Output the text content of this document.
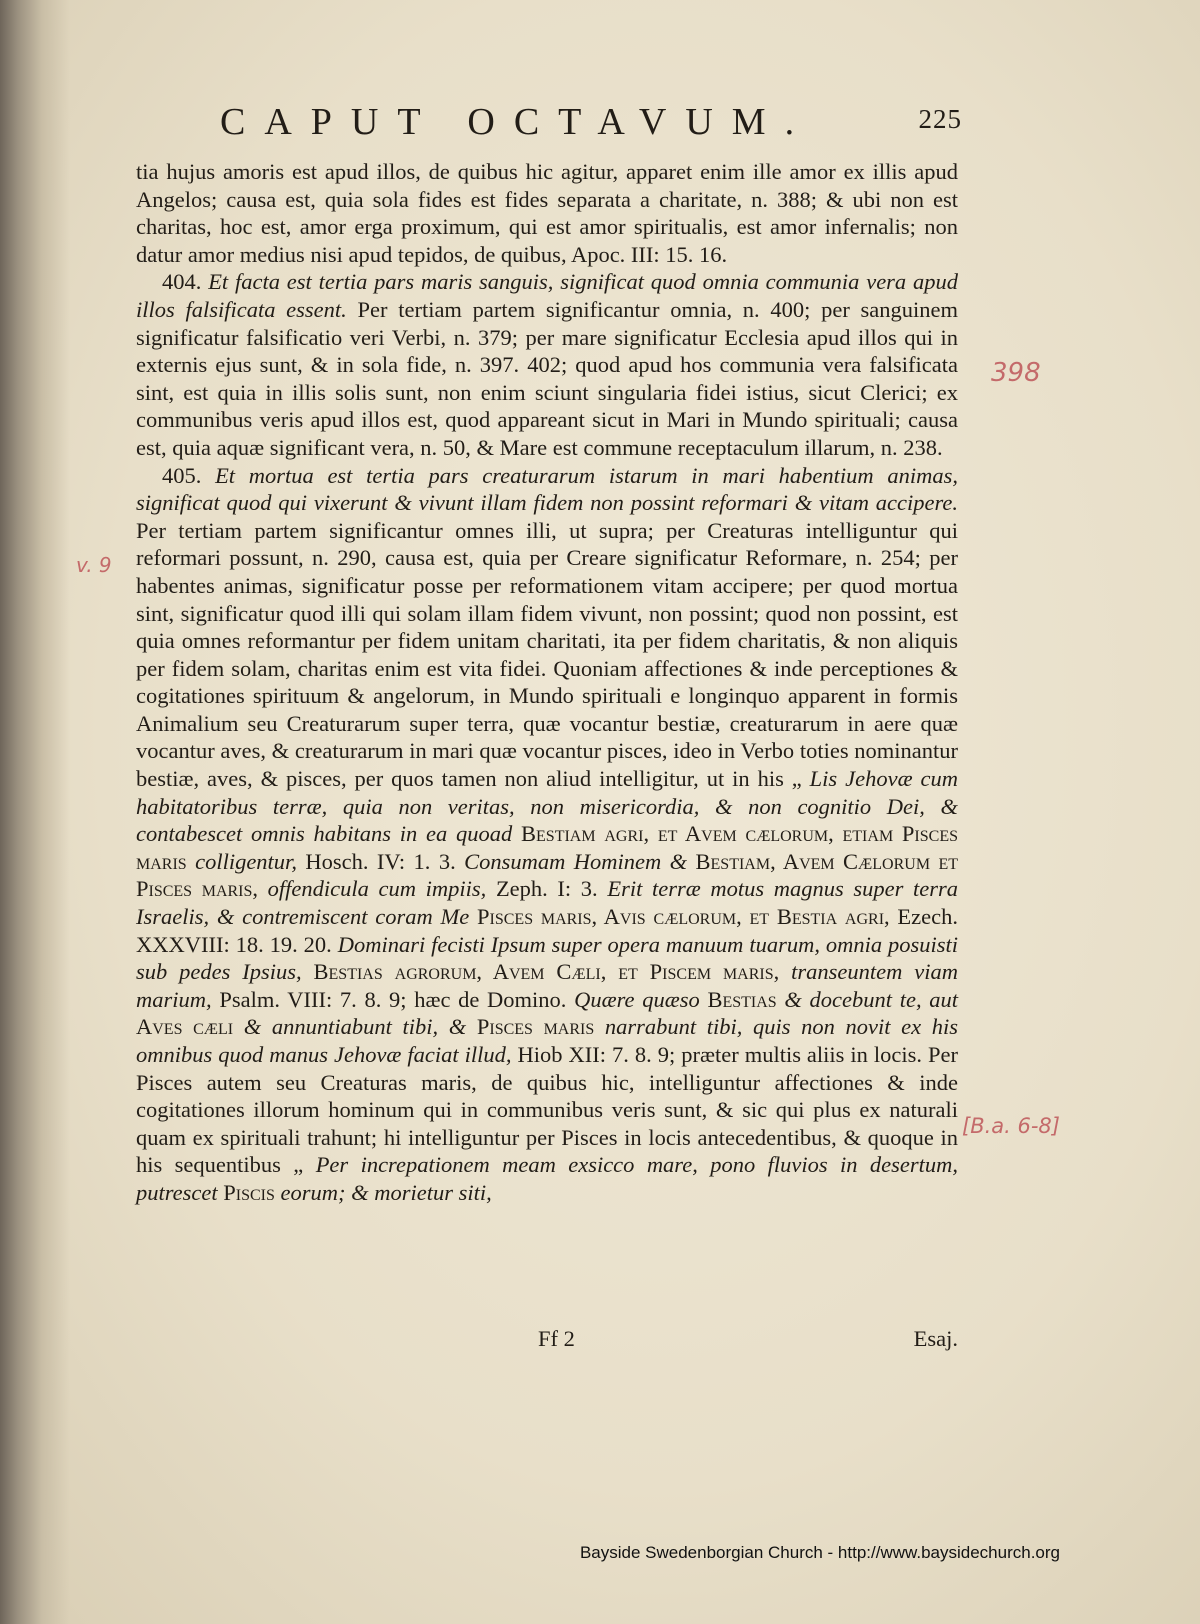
CAPUT OCTAVUM.	225

tia hujus amoris est apud illos, de quibus hic agitur, apparet enim ille amor ex illis apud Angelos; causa est, quia sola fides est fides separata a charitate, n. 388; & ubi non est charitas, hoc est, amor erga proximum, qui est amor spiritualis, est amor infernalis; non datur amor medius nisi apud tepidos, de quibus, Apoc. III: 15. 16.

404. Et facta est tertia pars maris sanguis, significat quod omnia communia vera apud illos falsificata essent. Per tertiam partem significantur omnia, n. 400; per sanguinem significatur falsificatio veri Verbi, n. 379; per mare significatur Ecclesia apud illos qui in externis ejus sunt, & in sola fide, n. 397. 402; quod apud hos communia vera falsificata sint, est quia in illis solis sunt, non enim sciunt singularia fidei istius, sicut Clerici; ex communibus veris apud illos est, quod appareant sicut in Mari in Mundo spirituali; causa est, quia aquæ significant vera, n. 50, & Mare est commune receptaculum illarum, n. 238.

405. Et mortua est tertia pars creaturarum istarum in mari habentium animas, significat quod qui vixerunt & vivunt illam fidem non possint reformari & vitam accipere. Per tertiam partem significantur omnes illi, ut supra; per Creaturas intelliguntur qui reformari possunt, n. 290, causa est, quia per Creare significatur Reformare, n. 254; per habentes animas, significatur posse per reformationem vitam accipere; per quod mortua sint, significatur quod illi qui solam illam fidem vivunt, non possint; quod non possint, est quia omnes reformantur per fidem unitam charitati, ita per fidem charitatis, & non aliquis per fidem solam, charitas enim est vita fidei. Quoniam affectiones & inde perceptiones & cogitationes spirituum & angelorum, in Mundo spirituali e longinquo apparent in formis Animalium seu Creaturarum super terra, quæ vocantur bestiæ, creaturarum in aere quæ vocantur aves, & creaturarum in mari quæ vocantur pisces, ideo in Verbo toties nominantur bestiæ, aves, & pisces, per quos tamen non aliud intelligitur, ut in his „ Lis Jehovæ cum habitatoribus terræ, quia non veritas, non misericordia, & non cognitio Dei, & contabescet omnis habitans in ea quoad Bestiam agri, et Avem cælorum, etiam Pisces maris colligentur, Hosch. IV: 1. 3. Consumam Hominem & Bestiam, Avem Cælorum et Pisces maris, offendicula cum impiis, Zeph. I: 3. Erit terræ motus magnus super terra Israelis, & contremiscent coram Me Pisces maris, Avis cælorum, et Bestia agri, Ezech. XXXVIII: 18. 19. 20. Dominari fecisti Ipsum super opera manuum tuarum, omnia posuisti sub pedes Ipsius, Bestias agrorum, Avem Cæli, et Piscem maris, transeuntem viam marium, Psalm. VIII: 7. 8. 9; hæc de Domino. Quære quæso Bestias & docebunt te, aut Aves cæli & annuntiabunt tibi, & Pisces maris narrabunt tibi, quis non novit ex his omnibus quod manus Jehovæ faciat illud, Hiob XII: 7. 8. 9; præter multis aliis in locis. Per Pisces autem seu Creaturas maris, de quibus hic, intelliguntur affectiones & inde cogitationes illorum hominum qui in communibus veris sunt, & sic qui plus ex naturali quam ex spirituali trahunt; hi intelliguntur per Pisces in locis antecedentibus, & quoque in his sequentibus „ Per increpationem meam exsicco mare, pono fluvios in desertum, putrescet Piscis eorum; & morietur siti,

Ff 2	Esaj.
398
v. 9
[B.a. 6-8]
Bayside Swedenborgian Church - http://www.baysidechurch.org
